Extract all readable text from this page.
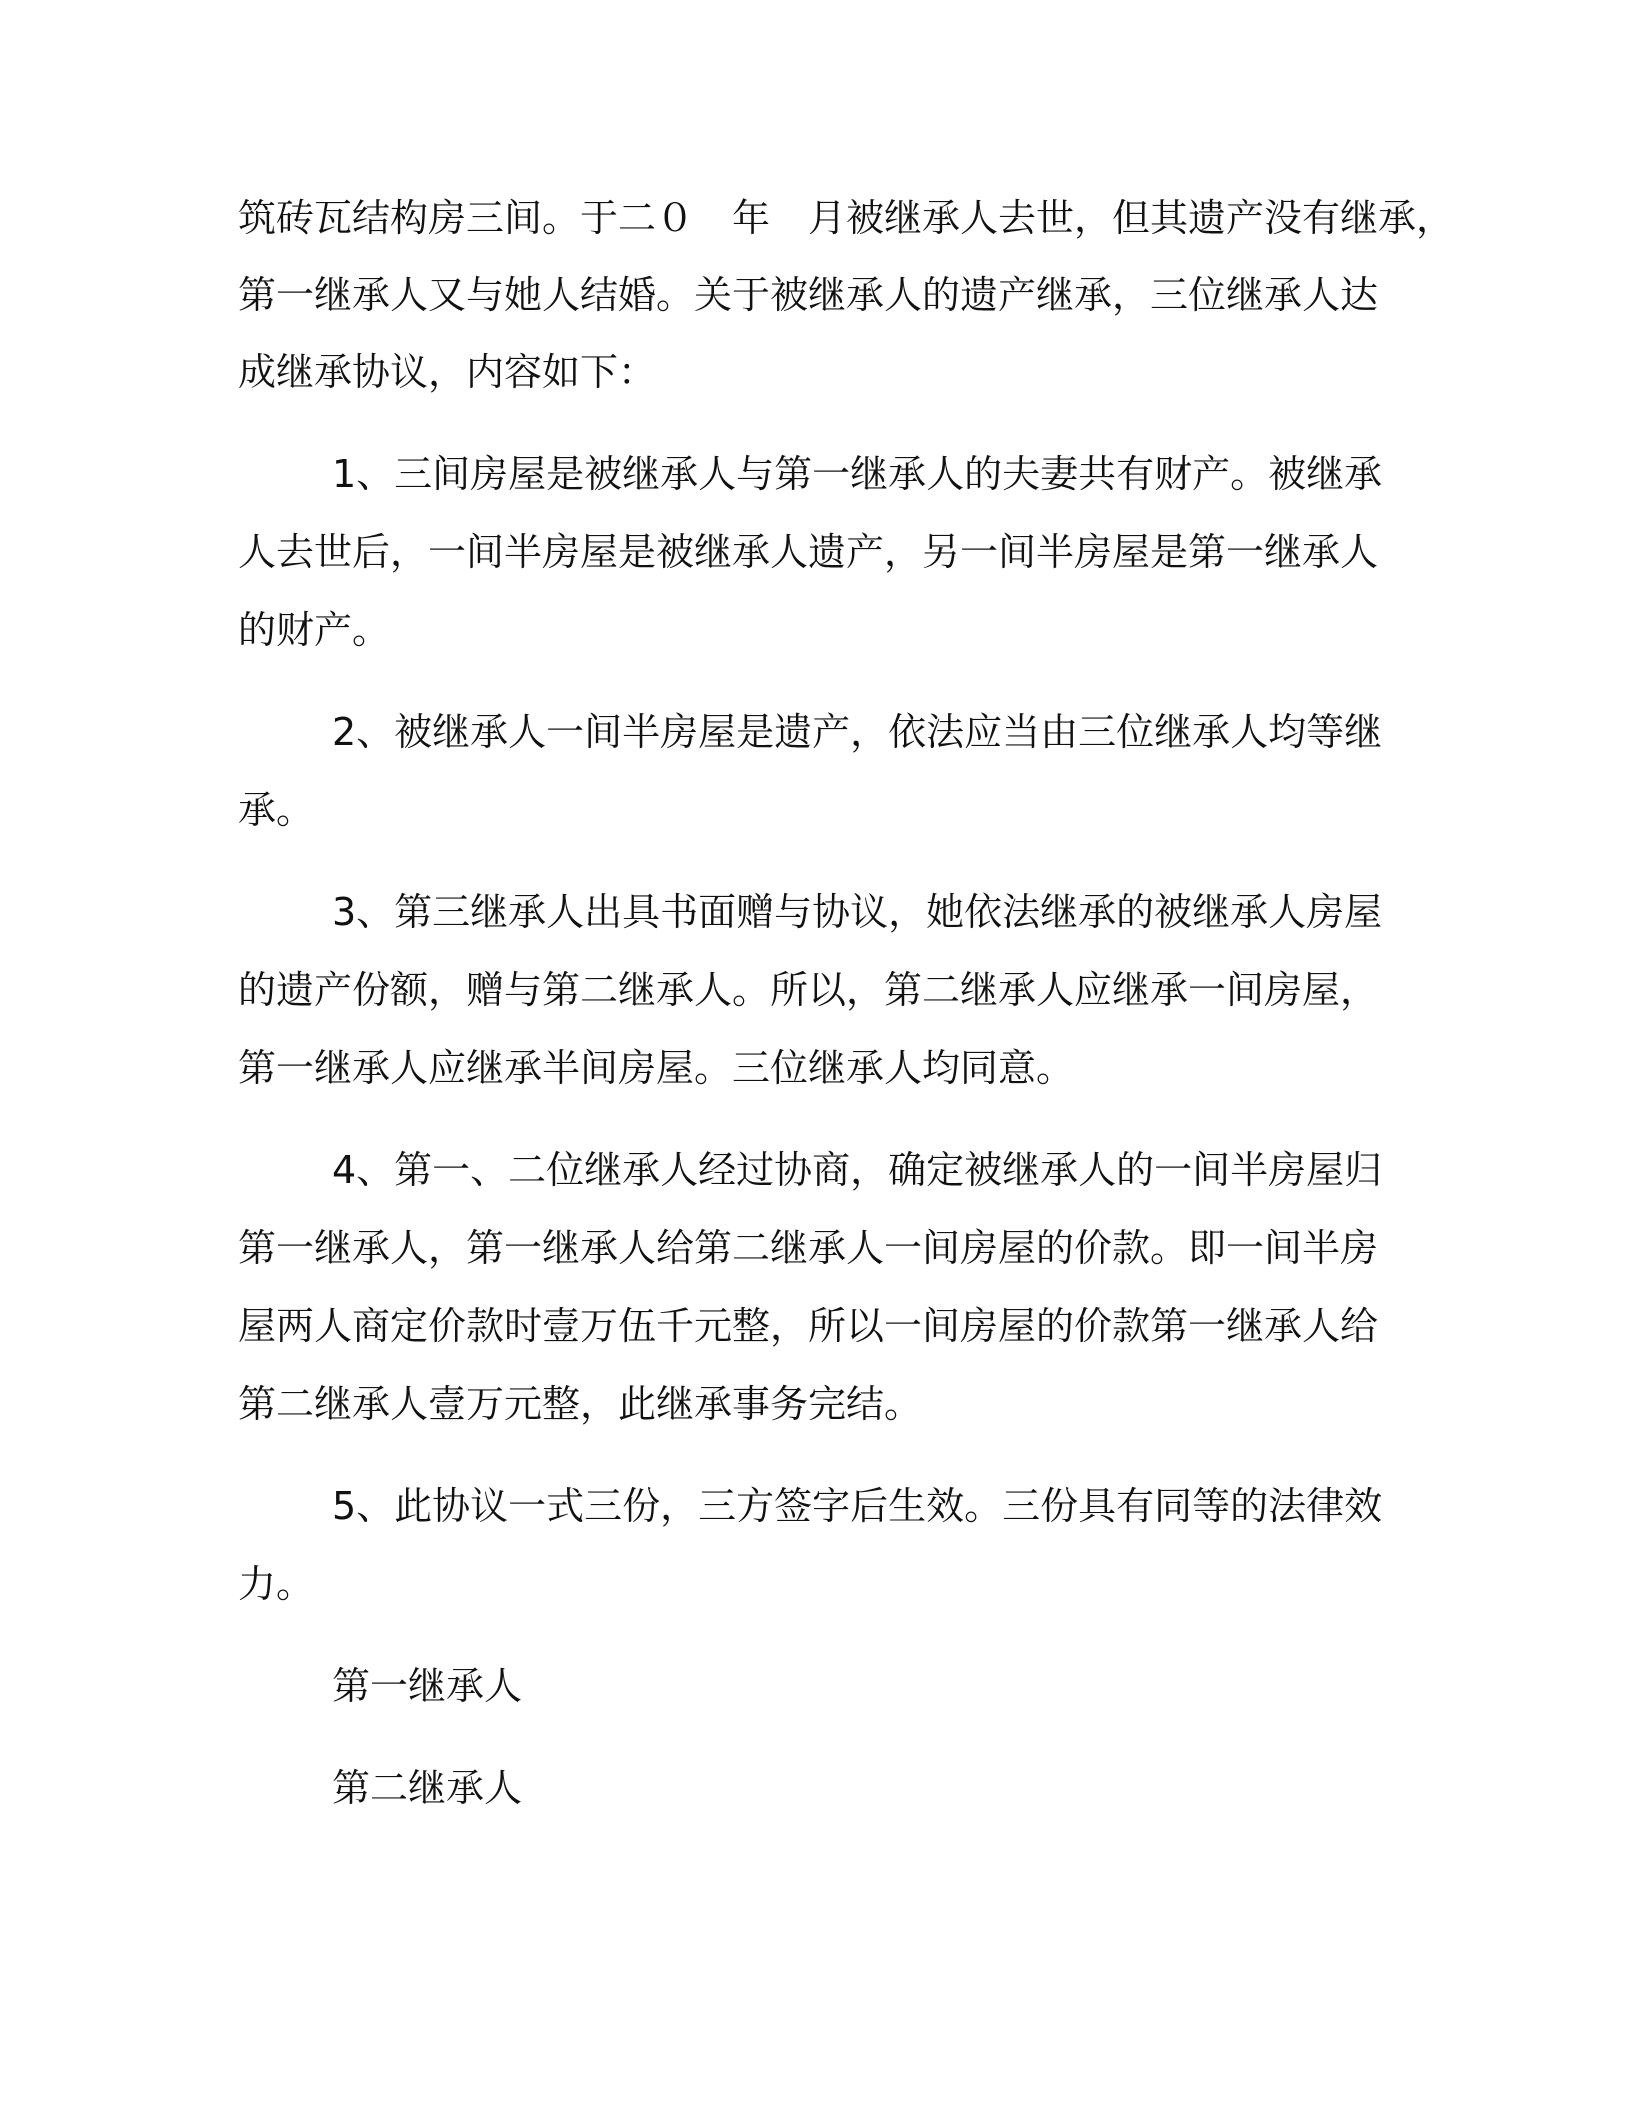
筑砖瓦结构房三间。于二０　年　月被继承人去世，但其遗产没有继承，
第一继承人又与她人结婚。关于被继承人的遗产继承，三位继承人达
成继承协议，内容如下：
1、三间房屋是被继承人与第一继承人的夫妻共有财产。被继承
人去世后，一间半房屋是被继承人遗产，另一间半房屋是第一继承人
的财产。
2、被继承人一间半房屋是遗产，依法应当由三位继承人均等继
承。
3、第三继承人出具书面赠与协议，她依法继承的被继承人房屋
的遗产份额，赠与第二继承人。所以，第二继承人应继承一间房屋，
第一继承人应继承半间房屋。三位继承人均同意。
4、第一、二位继承人经过协商，确定被继承人的一间半房屋归
第一继承人，第一继承人给第二继承人一间房屋的价款。即一间半房
屋两人商定价款时壹万伍千元整，所以一间房屋的价款第一继承人给
第二继承人壹万元整，此继承事务完结。
5、此协议一式三份，三方签字后生效。三份具有同等的法律效
力。
第一继承人
第二继承人
